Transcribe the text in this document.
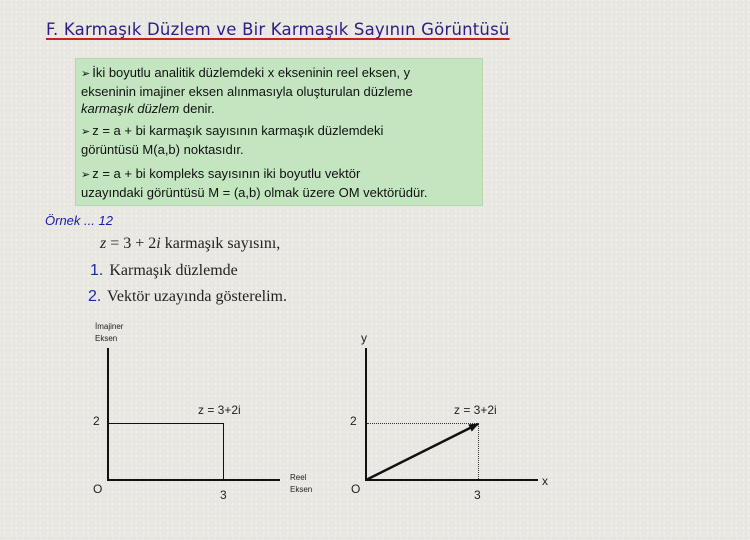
F. Karmaşık Düzlem ve Bir Karmaşık Sayının Görüntüsü
➢ İki boyutlu analitik düzlemdeki x ekseninin reel eksen, y
ekseninin imajiner eksen alınmasıyla oluşturulan düzleme
karmaşık düzlem denir.
➢ z = a + bi karmaşık sayısının karmaşık düzlemdeki
görüntüsü M(a,b) noktasıdır.
➢ z = a + bi kompleks sayısının iki boyutlu vektör
uzayındaki görüntüsü M = (a,b) olmak üzere OM vektörüdür.
Örnek ... 12
z = 3 + 2i karmaşık sayısını,
1. Karmaşık düzlemde
2. Vektör uzayında gösterelim.
İmajiner
Eksen
2
O	3
z = 3+2i
Reel
Eksen
y
2
O	3
z = 3+2i
x
